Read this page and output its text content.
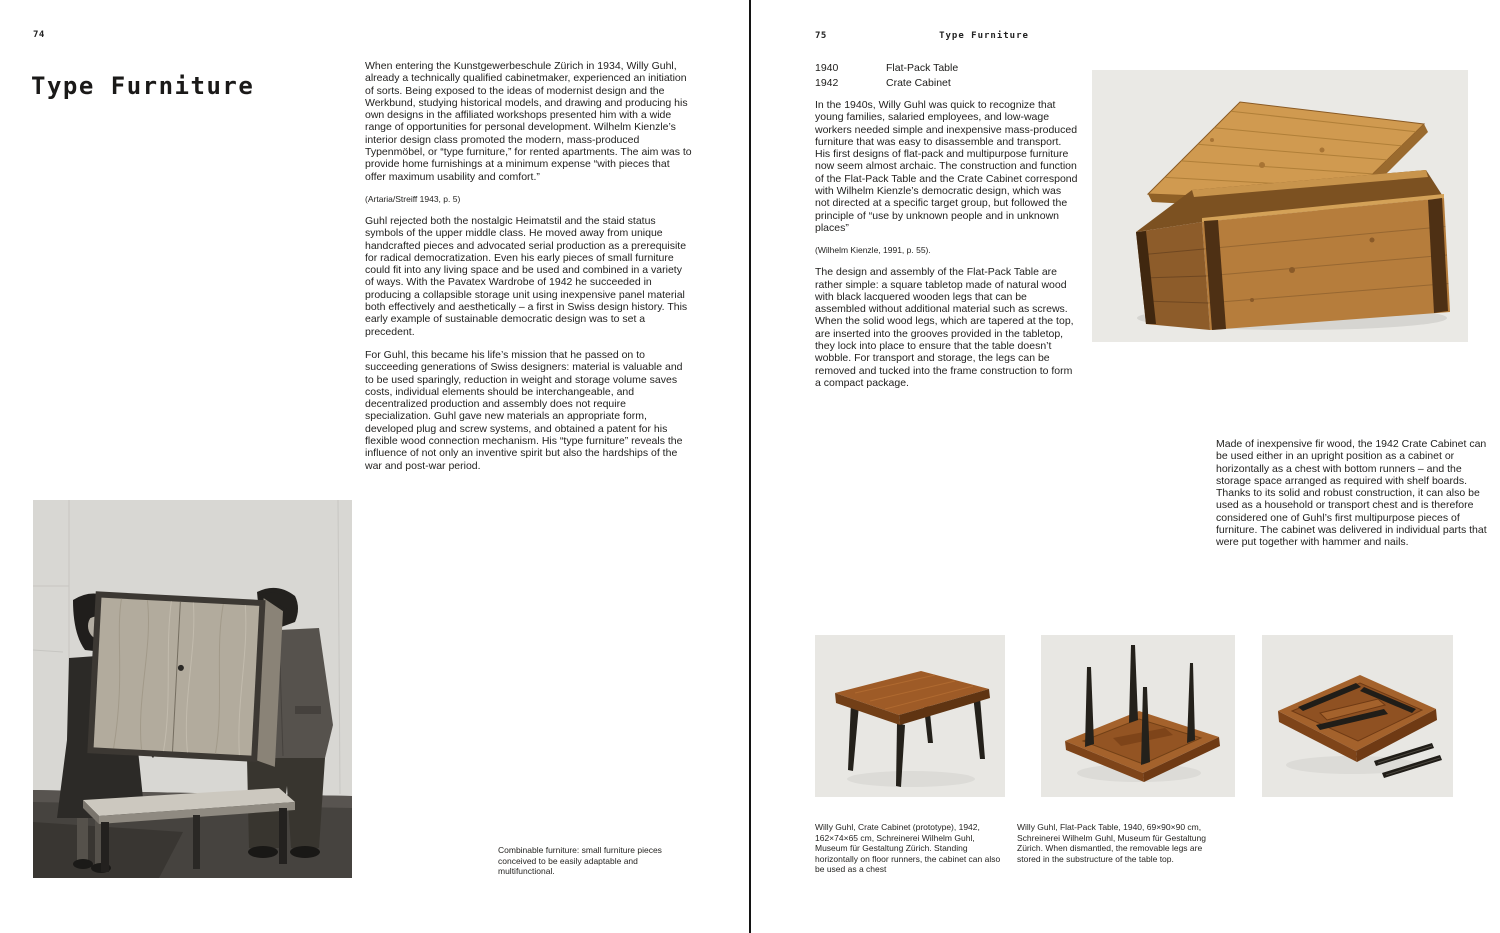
74
Type Furniture

When entering the Kunstgewerbeschule Zürich in 1934, Willy Guhl, already a technically qualified cabinetmaker, experienced an initiation of sorts. Being exposed to the ideas of modernist design and the Werkbund, studying historical models, and drawing and producing his own designs in the affiliated workshops presented him with a wide range of opportunities for personal development. Wilhelm Kienzle’s interior design class promoted the modern, mass-produced Typenmöbel, or “type furniture,” for rented apartments. The aim was to provide home furnishings at a minimum expense “with pieces that offer maximum usability and comfort.”

(Artaria/Streiff 1943, p. 5)

Guhl rejected both the nostalgic Heimatstil and the staid status symbols of the upper middle class. He moved away from unique handcrafted pieces and advocated serial production as a prerequisite for radical democratization. Even his early pieces of small furniture could fit into any living space and be used and combined in a variety of ways. With the Pavatex Wardrobe of 1942 he succeeded in producing a collapsible storage unit using inexpensive panel material both effectively and aesthetically – a first in Swiss design history. This early example of sustainable democratic design was to set a precedent.

For Guhl, this became his life’s mission that he passed on to succeeding generations of Swiss designers: material is valuable and to be used sparingly, reduction in weight and storage volume saves costs, individual elements should be interchangeable, and decentralized production and assembly does not require specialization. Guhl gave new materials an appropriate form, developed plug and screw systems, and obtained a patent for his flexible wood connection mechanism. His “type furniture” reveals the influence of not only an inventive spirit but also the hardships of the war and post-war period.

Combinable furniture: small furniture pieces conceived to be easily adaptable and multifunctional.
75	Type Furniture
1940	Flat-Pack Table
1942	Crate Cabinet

In the 1940s, Willy Guhl was quick to recognize that young families, salaried employees, and low-wage workers needed simple and inexpensive mass-produced furniture that was easy to disassemble and transport. His first designs of flat-pack and multipurpose furniture now seem almost archaic. The construction and function of the Flat-Pack Table and the Crate Cabinet correspond with Wilhelm Kienzle’s democratic design, which was not directed at a specific target group, but followed the principle of “use by unknown people and in unknown places”

(Wilhelm Kienzle, 1991, p. 55).

The design and assembly of the Flat-Pack Table are rather simple: a square tabletop made of natural wood with black lacquered wooden legs that can be assembled without additional material such as screws. When the solid wood legs, which are tapered at the top, are inserted into the grooves provided in the tabletop, they lock into place to ensure that the table doesn’t wobble. For transport and storage, the legs can be removed and tucked into the frame construction to form a compact package.

Made of inexpensive fir wood, the 1942 Crate Cabinet can be used either in an upright position as a cabinet or horizontally as a chest with bottom runners – and the storage space arranged as required with shelf boards. Thanks to its solid and robust construction, it can also be used as a household or transport chest and is therefore considered one of Guhl’s first multipurpose pieces of furniture. The cabinet was delivered in individual parts that were put together with hammer and nails.

Willy Guhl, Crate Cabinet (prototype), 1942, 162×74×65 cm, Schreinerei Wilhelm Guhl, Museum für Gestaltung Zürich. Standing horizontally on floor runners, the cabinet can also be used as a chest
Willy Guhl, Flat-Pack Table, 1940, 69×90×90 cm, Schreinerei Wilhelm Guhl, Museum für Gestaltung Zürich. When dismantled, the removable legs are stored in the substructure of the table top.
